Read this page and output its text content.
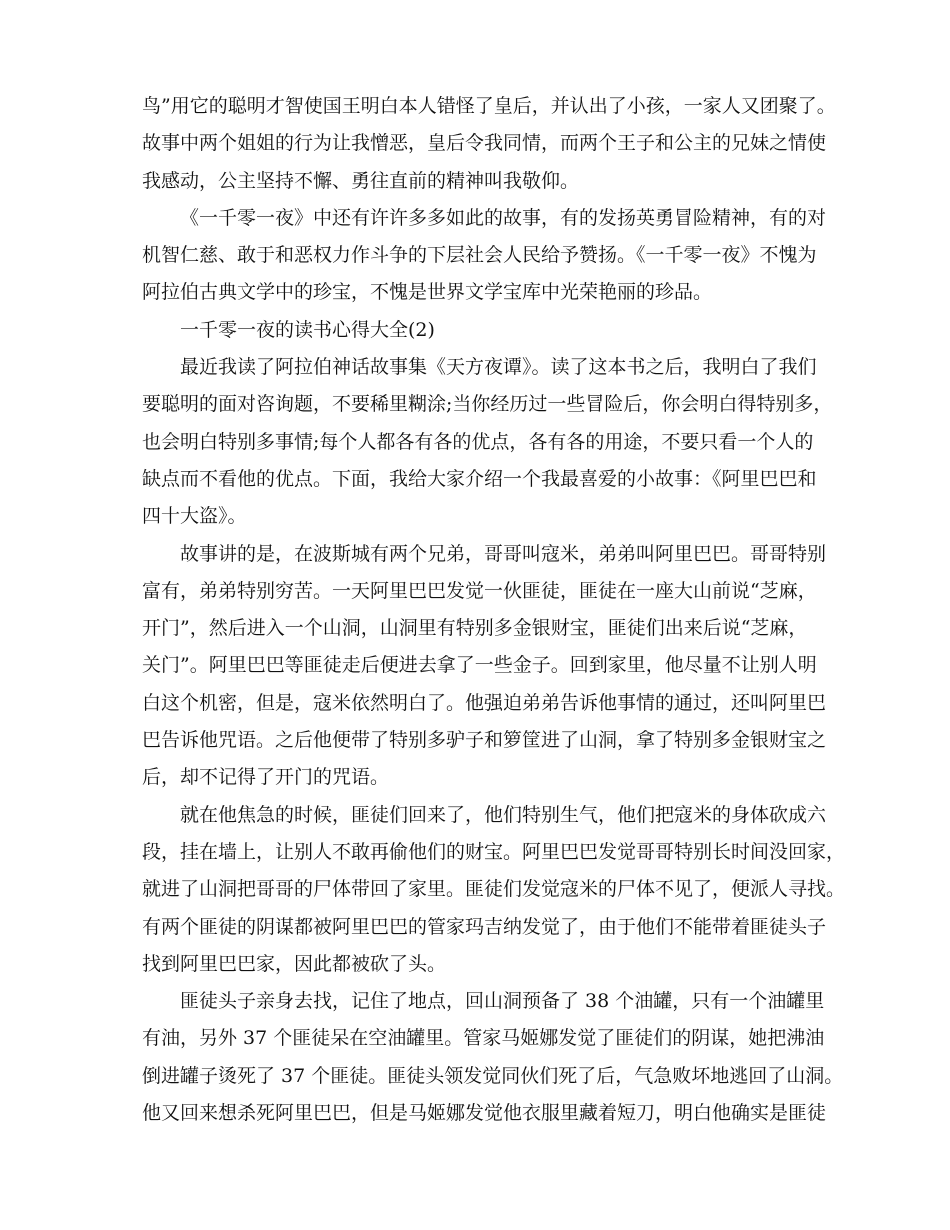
鸟”用它的聪明才智使国王明白本人错怪了皇后，并认出了小孩，一家人又团聚了。
故事中两个姐姐的行为让我憎恶，皇后令我同情，而两个王子和公主的兄妹之情使
我感动，公主坚持不懈、勇往直前的精神叫我敬仰。
《一千零一夜》中还有许许多多如此的故事，有的发扬英勇冒险精神，有的对
机智仁慈、敢于和恶权力作斗争的下层社会人民给予赞扬。《一千零一夜》不愧为
阿拉伯古典文学中的珍宝，不愧是世界文学宝库中光荣艳丽的珍品。
一千零一夜的读书心得大全(2)
最近我读了阿拉伯神话故事集《天方夜谭》。读了这本书之后，我明白了我们
要聪明的面对咨询题，不要稀里糊涂;当你经历过一些冒险后，你会明白得特别多，
也会明白特别多事情;每个人都各有各的优点，各有各的用途，不要只看一个人的
缺点而不看他的优点。下面，我给大家介绍一个我最喜爱的小故事：《阿里巴巴和
四十大盗》。
故事讲的是，在波斯城有两个兄弟，哥哥叫寇米，弟弟叫阿里巴巴。哥哥特别
富有，弟弟特别穷苦。一天阿里巴巴发觉一伙匪徒，匪徒在一座大山前说“芝麻，
开门”，然后进入一个山洞，山洞里有特别多金银财宝，匪徒们出来后说“芝麻，
关门”。阿里巴巴等匪徒走后便进去拿了一些金子。回到家里，他尽量不让别人明
白这个机密，但是，寇米依然明白了。他强迫弟弟告诉他事情的通过，还叫阿里巴
巴告诉他咒语。之后他便带了特别多驴子和箩筐进了山洞，拿了特别多金银财宝之
后，却不记得了开门的咒语。
就在他焦急的时候，匪徒们回来了，他们特别生气，他们把寇米的身体砍成六
段，挂在墙上，让别人不敢再偷他们的财宝。阿里巴巴发觉哥哥特别长时间没回家，
就进了山洞把哥哥的尸体带回了家里。匪徒们发觉寇米的尸体不见了，便派人寻找。
有两个匪徒的阴谋都被阿里巴巴的管家玛吉纳发觉了，由于他们不能带着匪徒头子
找到阿里巴巴家，因此都被砍了头。
匪徒头子亲身去找，记住了地点，回山洞预备了 38 个油罐，只有一个油罐里
有油，另外 37 个匪徒呆在空油罐里。管家马姬娜发觉了匪徒们的阴谋，她把沸油
倒进罐子烫死了 37 个匪徒。匪徒头领发觉同伙们死了后，气急败坏地逃回了山洞。
他又回来想杀死阿里巴巴，但是马姬娜发觉他衣服里藏着短刀，明白他确实是匪徒
